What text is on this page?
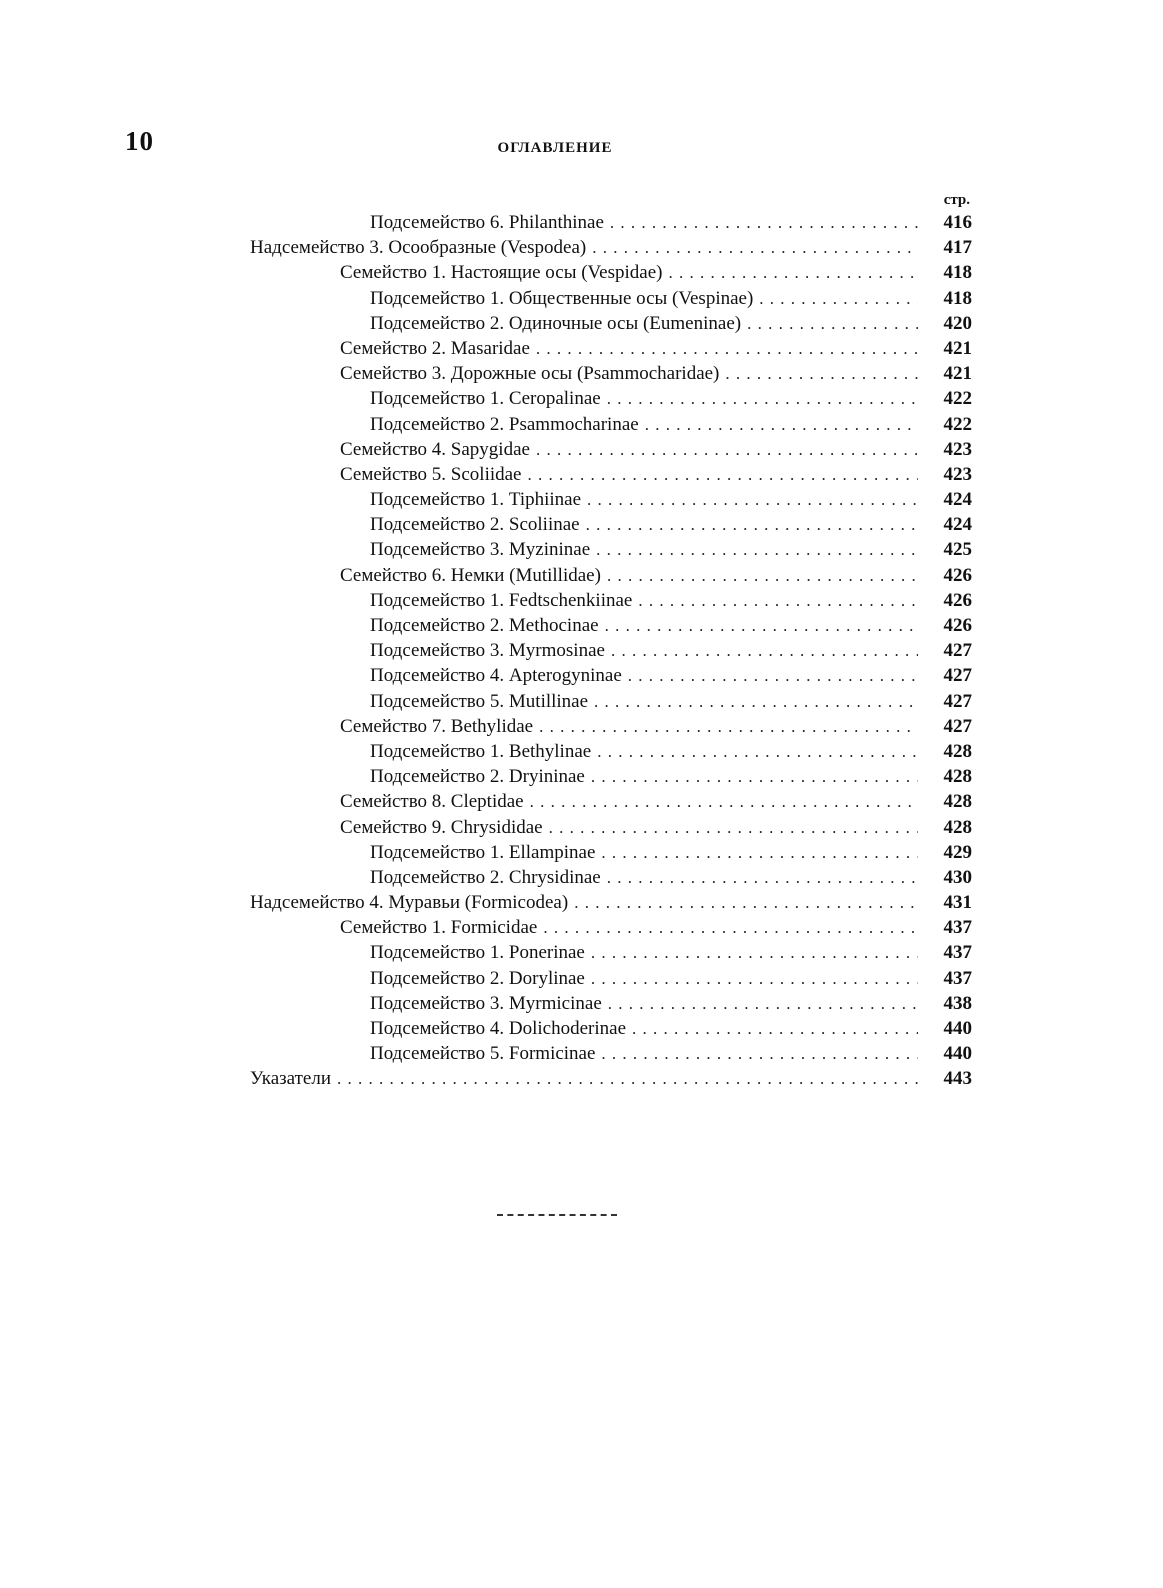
10	ОГЛАВЛЕНИЕ
стр.
Подсемейство 6. Philanthinae . . .	416
Надсемейство 3. Осообразные (Vespodea) . . .	417
Семейство 1. Настоящие осы (Vespidae) . . .	418
Подсемейство 1. Общественные осы (Vespinae) . . .	418
Подсемейство 2. Одиночные осы (Eumeninae) . . .	420
Семейство 2. Masaridae . . .	421
Семейство 3. Дорожные осы (Psammocharidae) . . .	421
Подсемейство 1. Ceropalinae . . .	422
Подсемейство 2. Psammocharinae . . .	422
Семейство 4. Sapygidae . . .	423
Семейство 5. Scoliidae . . .	423
Подсемейство 1. Tiphiinae . . .	424
Подсемейство 2. Scoliinae . . .	424
Подсемейство 3. Myzininae . . .	425
Семейство 6. Немки (Mutillidae) . . .	426
Подсемейство 1. Fedtschenkiinae . . .	426
Подсемейство 2. Methocinae . . .	426
Подсемейство 3. Myrmosinae . . .	427
Подсемейство 4. Apterogyninae . . .	427
Подсемейство 5. Mutillinae . . .	427
Семейство 7. Bethylidae . . .	427
Подсемейство 1. Bethylinae . . .	428
Подсемейство 2. Dryininae . . .	428
Семейство 8. Cleptidae . . .	428
Семейство 9. Chrysididae . . .	428
Подсемейство 1. Ellampinae . . .	429
Подсемейство 2. Chrysidinae . . .	430
Надсемейство 4. Муравьи (Formicodea) . . .	431
Семейство 1. Formicidae . . .	437
Подсемейство 1. Ponerinae . . .	437
Подсемейство 2. Dorylinae . . .	437
Подсемейство 3. Myrmicinae . . .	438
Подсемейство 4. Dolichoderinae . . .	440
Подсемейство 5. Formicinae . . .	440
Указатели . . .	443
